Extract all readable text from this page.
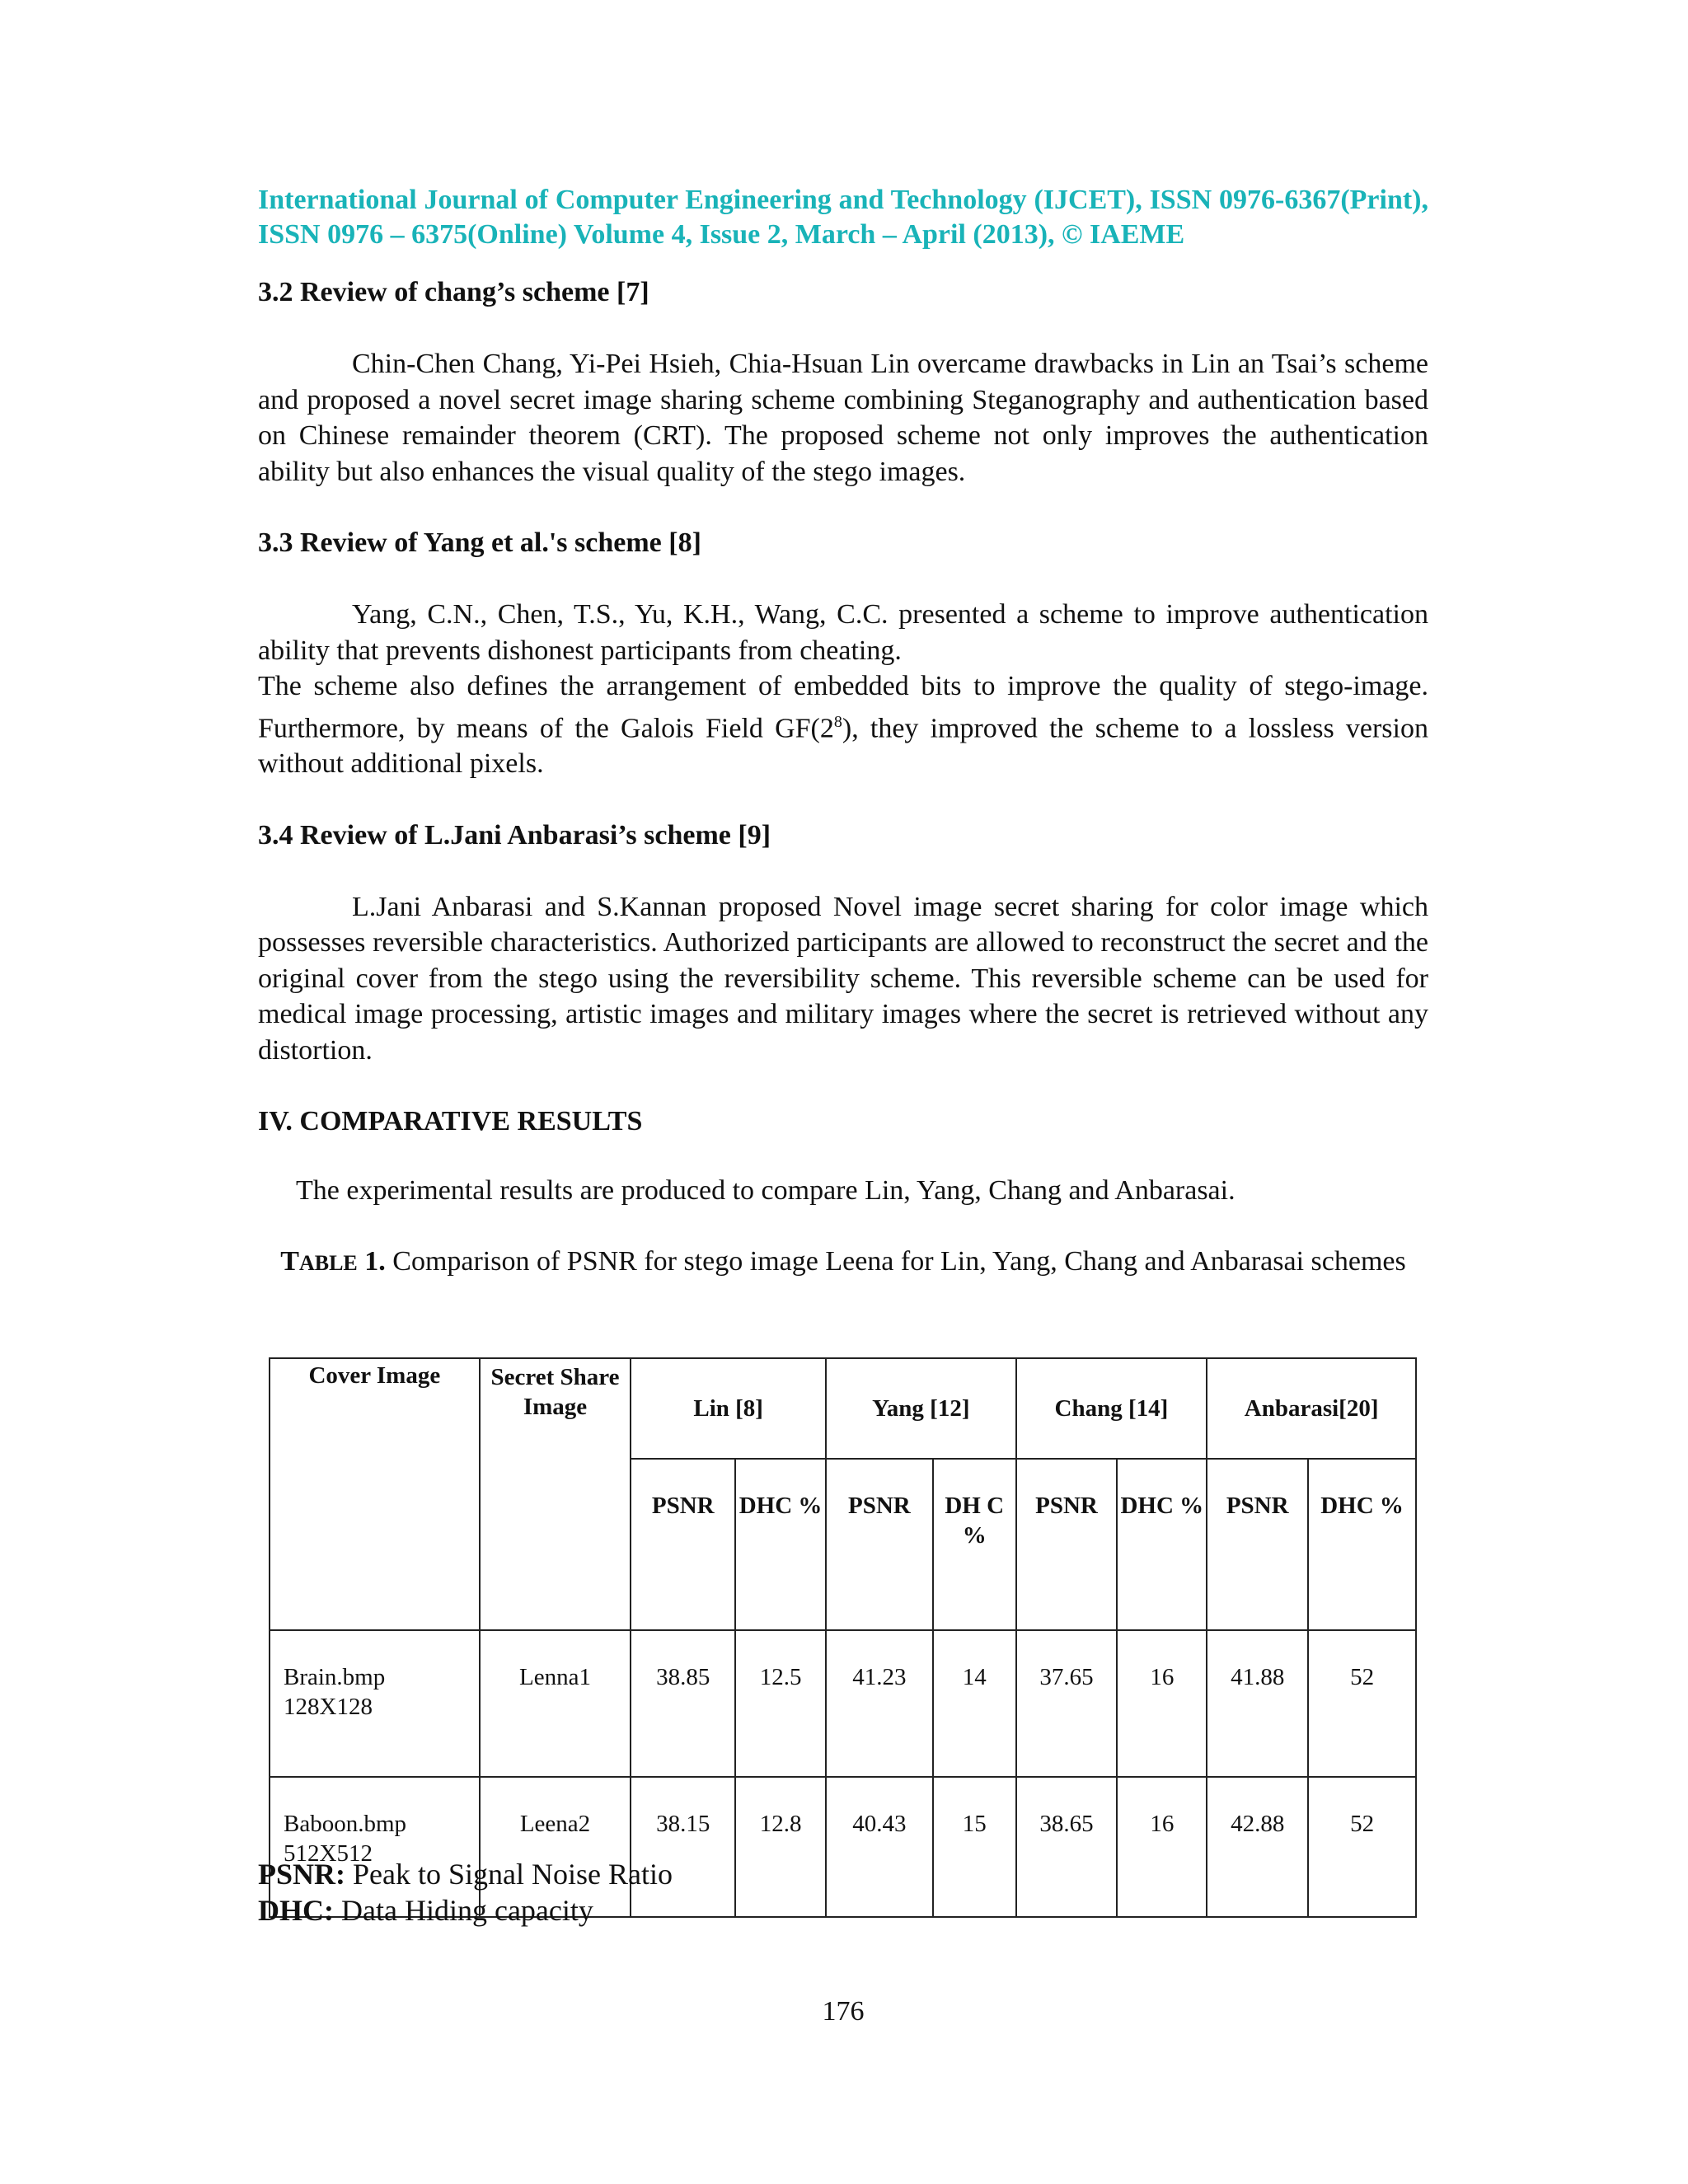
International Journal of Computer Engineering and Technology (IJCET), ISSN 0976-6367(Print), ISSN 0976 – 6375(Online) Volume 4, Issue 2, March – April (2013), © IAEME

3.2 Review of chang’s scheme [7]

Chin-Chen Chang, Yi-Pei Hsieh, Chia-Hsuan Lin overcame drawbacks in Lin an Tsai’s scheme and proposed a novel secret image sharing scheme combining Steganography and authentication based on Chinese remainder theorem (CRT). The proposed scheme not only improves the authentication ability but also enhances the visual quality of the stego images.

3.3 Review of Yang et al.'s scheme [8]

Yang, C.N., Chen, T.S., Yu, K.H., Wang, C.C. presented a scheme to improve authentication ability that prevents dishonest participants from cheating.

The scheme also defines the arrangement of embedded bits to improve the quality of stego-image. Furthermore, by means of the Galois Field $GF(2^8)$, they improved the scheme to a lossless version without additional pixels.

3.4 Review of L.Jani Anbarasi’s scheme [9]

L.Jani Anbarasi and S.Kannan proposed Novel image secret sharing for color image which possesses reversible characteristics. Authorized participants are allowed to reconstruct the secret and the original cover from the stego using the reversibility scheme. This reversible scheme can be used for medical image processing, artistic images and military images where the secret is retrieved without any distortion.

IV. COMPARATIVE RESULTS

The experimental results are produced to compare Lin, Yang, Chang and Anbarasai.

TABLE 1. Comparison of PSNR for stego image Leena for Lin, Yang, Chang and Anbarasai schemes

Cover Image	Secret Share Image	Lin [8]		Yang [12]		Chang [14]		Anbarasi[20]	
		PSNR	DHC %	PSNR	DH C %	PSNR	DHC %	PSNR	DHC %
Brain.bmp
128X128	Lenna1	38.85	12.5	41.23	14	37.65	16	41.88	52
Baboon.bmp
512X512	Leena2	38.15	12.8	40.43	15	38.65	16	42.88	52
PSNR: Peak to Signal Noise Ratio
DHC: Data Hiding capacity
176
